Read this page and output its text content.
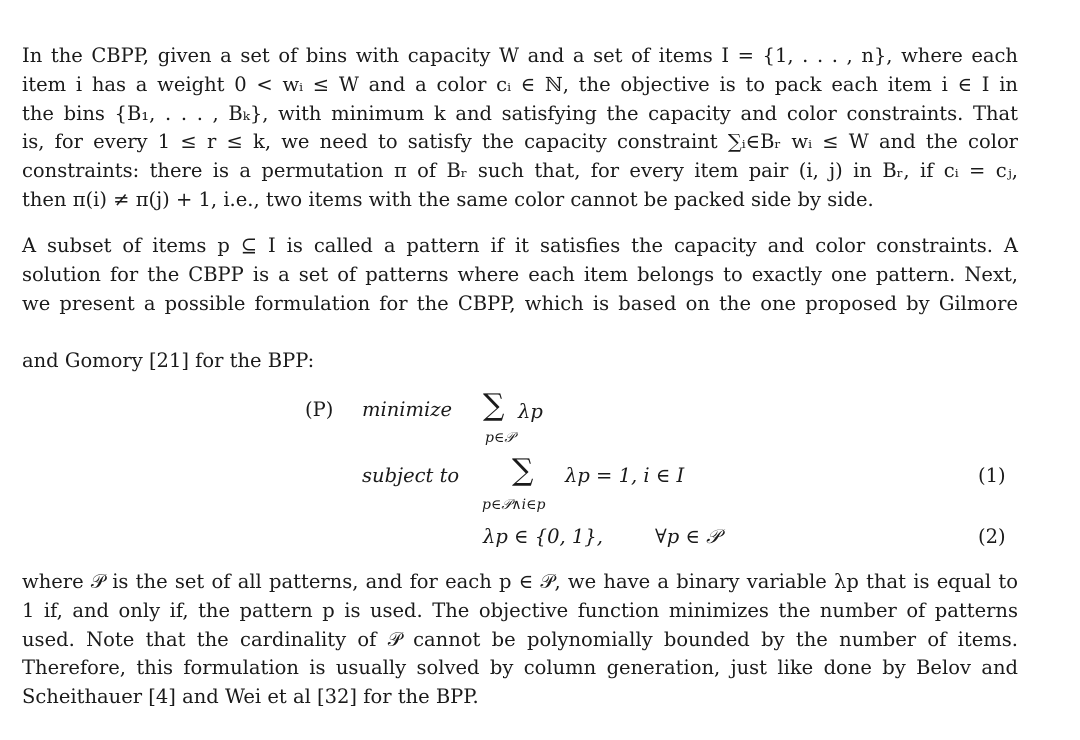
In the CBPP, given a set of bins with capacity W and a set of items I = {1, . . . , n}, where each
item i has a weight 0 < wᵢ ≤ W and a color cᵢ ∈ ℕ, the objective is to pack each item i ∈ I in
the bins {B₁, . . . , Bₖ}, with minimum k and satisfying the capacity and color constraints. That
is, for every 1 ≤ r ≤ k, we need to satisfy the capacity constraint ∑ᵢ∈Bᵣ wᵢ ≤ W and the color
constraints: there is a permutation π of Bᵣ such that, for every item pair (i, j) in Bᵣ, if cᵢ = cⱼ,
then π(i) ≠ π(j) + 1, i.e., two items with the same color cannot be packed side by side.
A subset of items p ⊆ I is called a pattern if it satisfies the capacity and color constraints. A
solution for the CBPP is a set of patterns where each item belongs to exactly one pattern. Next,
we present a possible formulation for the CBPP, which is based on the one proposed by Gilmore
and Gomory [21] for the BPP:
(P) minimize ∑ λp
p∈𝒫
subject to ∑ λp = 1, i ∈ I
p∈𝒫∧i∈p
(1)
λp ∈ {0, 1},	∀p ∈ 𝒫	(2)
where 𝒫 is the set of all patterns, and for each p ∈ 𝒫, we have a binary variable λp that is equal to
1 if, and only if, the pattern p is used. The objective function minimizes the number of patterns
used. Note that the cardinality of 𝒫 cannot be polynomially bounded by the number of items.
Therefore, this formulation is usually solved by column generation, just like done by Belov and
Scheithauer [4] and Wei et al [32] for the BPP.
